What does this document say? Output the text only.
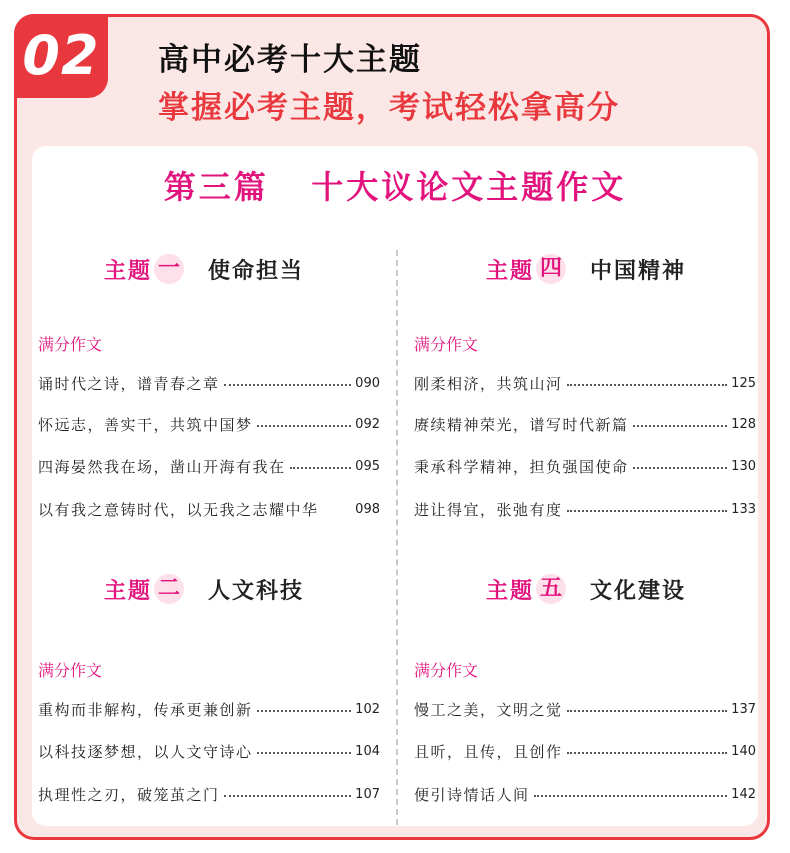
02 高中必考十大主题
掌握必考主题，考试轻松拿高分
第三篇   十大议论文主题作文
主题 一 使命担当
满分作文
诵时代之诗，谱青春之章	090
怀远志，善实干，共筑中国梦	092
四海晏然我在场，凿山开海有我在	095
以有我之意铸时代，以无我之志耀中华	098
主题 二 人文科技
满分作文
重构而非解构，传承更兼创新	102
以科技逐梦想，以人文守诗心	104
执理性之刃，破笼茧之门	107
主题 四 中国精神
满分作文
刚柔相济，共筑山河	125
赓续精神荣光，谱写时代新篇	128
秉承科学精神，担负强国使命	130
进让得宜，张弛有度	133
主题 五 文化建设
满分作文
慢工之美，文明之觉	137
且听，且传，且创作	140
便引诗情话人间	142
